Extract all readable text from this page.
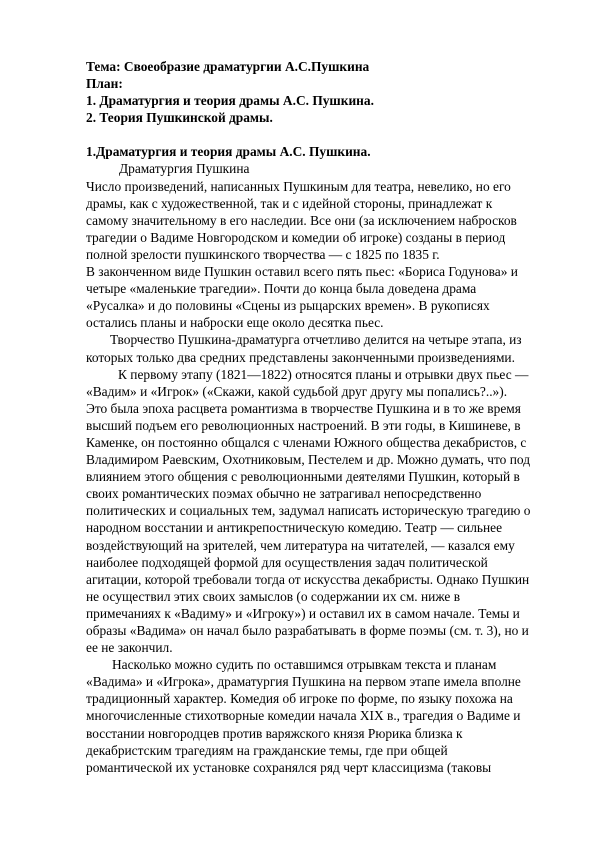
Тема: Своеобразие драматургии А.С.Пушкина
План:
1. Драматургия и теория драмы А.С. Пушкина.
2. Теория Пушкинской драмы.
1.Драматургия и теория драмы А.С. Пушкина.
Драматургия Пушкина
Число произведений, написанных Пушкиным для театра, невелико, но его
драмы, как с художественной, так и с идейной стороны, принадлежат к
самому значительному в его наследии. Все они (за исключением набросков
трагедии о Вадиме Новгородском и комедии об игроке) созданы в период
полной зрелости пушкинского творчества — с 1825 по 1835 г.
В законченном виде Пушкин оставил всего пять пьес: «Бориса Годунова» и
четыре «маленькие трагедии». Почти до конца была доведена драма
«Русалка» и до половины «Сцены из рыцарских времен». В рукописях
остались планы и наброски еще около десятка пьес.
Творчество Пушкина-драматурга отчетливо делится на четыре этапа, из
которых только два средних представлены законченными произведениями.
К первому этапу (1821—1822) относятся планы и отрывки двух пьес —
«Вадим» и «Игрок» («Скажи, какой судьбой друг другу мы попались?..»).
Это была эпоха расцвета романтизма в творчестве Пушкина и в то же время
высший подъем его революционных настроений. В эти годы, в Кишиневе, в
Каменке, он постоянно общался с членами Южного общества декабристов, с
Владимиром Раевским, Охотниковым, Пестелем и др. Можно думать, что под
влиянием этого общения с революционными деятелями Пушкин, который в
своих романтических поэмах обычно не затрагивал непосредственно
политических и социальных тем, задумал написать историческую трагедию о
народном восстании и антикрепостническую комедию. Театр — сильнее
воздействующий на зрителей, чем литература на читателей, — казался ему
наиболее подходящей формой для осуществления задач политической
агитации, которой требовали тогда от искусства декабристы. Однако Пушкин
не осуществил этих своих замыслов (о содержании их см. ниже в
примечаниях к «Вадиму» и «Игроку») и оставил их в самом начале. Темы и
образы «Вадима» он начал было разрабатывать в форме поэмы (см. т. 3), но и
ее не закончил.
Насколько можно судить по оставшимся отрывкам текста и планам
«Вадима» и «Игрока», драматургия Пушкина на первом этапе имела вполне
традиционный характер. Комедия об игроке по форме, по языку похожа на
многочисленные стихотворные комедии начала XIX в., трагедия о Вадиме и
восстании новгородцев против варяжского князя Рюрика близка к
декабристским трагедиям на гражданские темы, где при общей
романтической их установке сохранялся ряд черт классицизма (таковы
